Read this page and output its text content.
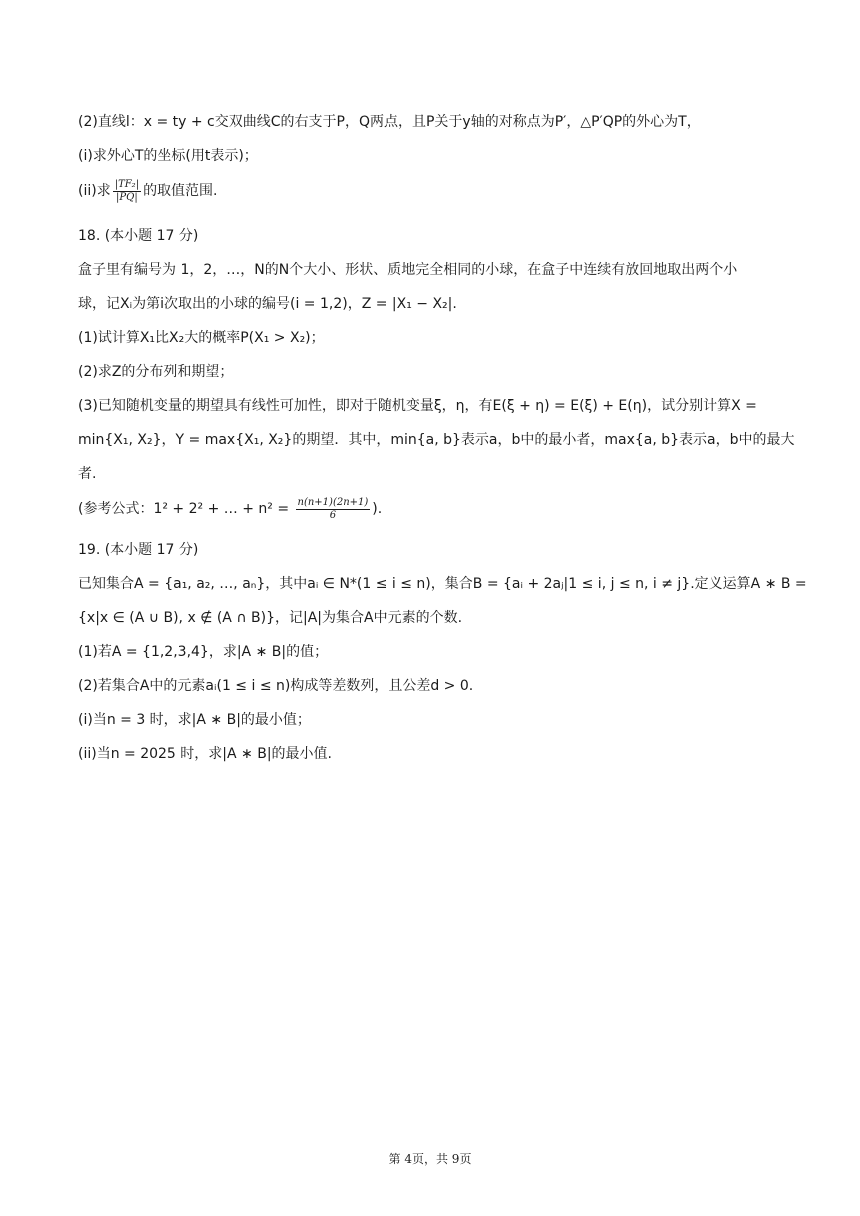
(2)直线l：x = ty + c交双曲线C的右支于P，Q两点，且P关于y轴的对称点为P′，△P′QP的外心为T，
(i)求外心T的坐标(用t表示)；
(ii)求 $\frac{\text{|TF₂|}}{|PQ|}$ 的取值范围.
18. (本小题 17 分)
盒子里有编号为 1，2，…，N的N个大小、形状、质地完全相同的小球，在盒子中连续有放回地取出两个小
球，记Xᵢ为第i次取出的小球的编号(i = 1,2)，Z = |X₁ − X₂|.
(1)试计算X₁比X₂大的概率P(X₁ > X₂)；
(2)求Z的分布列和期望；
(3)已知随机变量的期望具有线性可加性，即对于随机变量ξ，η，有E(ξ + η) = E(ξ) + E(η)，试分别计算X =
min{X₁, X₂}，Y = max{X₁, X₂}的期望．其中，min{a, b}表示a，b中的最小者，max{a, b}表示a，b中的最大
者.
(参考公式：1² + 2² + … + $n^2 = \frac{n(n+1)(2n+1)}{6}$ ).
19. (本小题 17 分)
已知集合A = {a₁, a₂, …, aₙ}，其中aᵢ ∈ N*(1 ≤ i ≤ n)，集合B = {aᵢ + 2aⱼ|1 ≤ i, j ≤ n, i ≠ j}.定义运算A ∗ B =
{x|x ∈ (A ∪ B), x ∉ (A ∩ B)}，记|A|为集合A中元素的个数.
(1)若A = {1,2,3,4}，求|A ∗ B|的值；
(2)若集合A中的元素aᵢ(1 ≤ i ≤ n)构成等差数列，且公差d > 0.
(i)当n = 3 时，求|A ∗ B|的最小值；
(ii)当n = 2025 时，求|A ∗ B|的最小值.
第 4页，共 9页
